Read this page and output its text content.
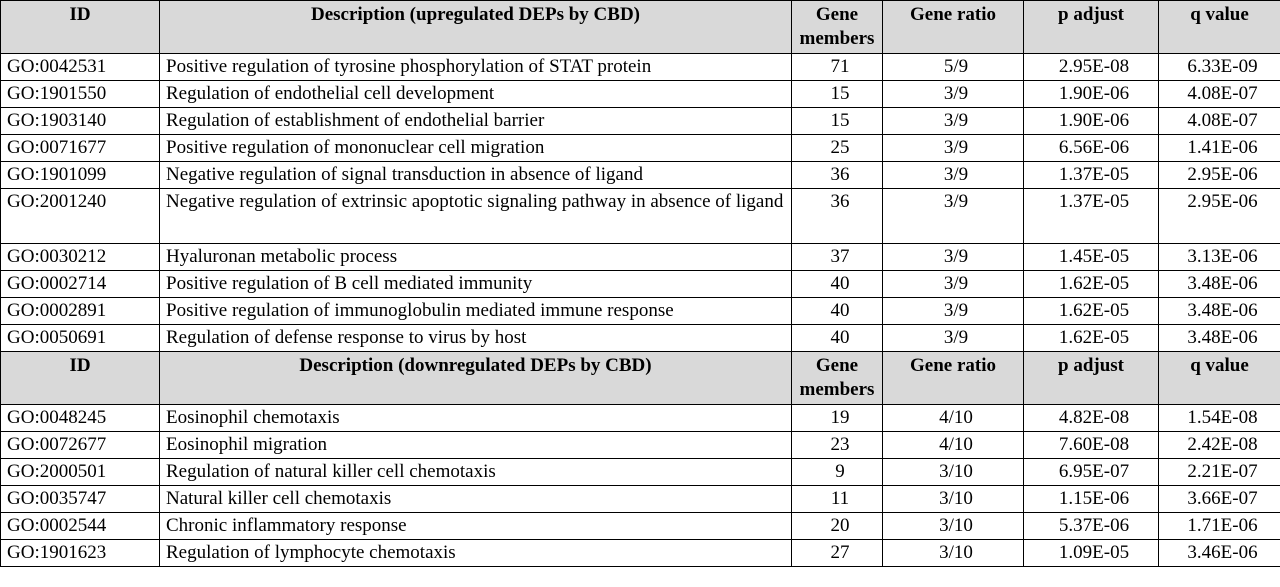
ID	Description (upregulated DEPs by CBD)	Gene members	Gene ratio	p adjust	q value
GO:0042531	Positive regulation of tyrosine phosphorylation of STAT protein	71	5/9	2.95E-08	6.33E-09
GO:1901550	Regulation of endothelial cell development	15	3/9	1.90E-06	4.08E-07
GO:1903140	Regulation of establishment of endothelial barrier	15	3/9	1.90E-06	4.08E-07
GO:0071677	Positive regulation of mononuclear cell migration	25	3/9	6.56E-06	1.41E-06
GO:1901099	Negative regulation of signal transduction in absence of ligand	36	3/9	1.37E-05	2.95E-06
GO:2001240	Negative regulation of extrinsic apoptotic signaling pathway in absence of ligand	36	3/9	1.37E-05	2.95E-06
GO:0030212	Hyaluronan metabolic process	37	3/9	1.45E-05	3.13E-06
GO:0002714	Positive regulation of B cell mediated immunity	40	3/9	1.62E-05	3.48E-06
GO:0002891	Positive regulation of immunoglobulin mediated immune response	40	3/9	1.62E-05	3.48E-06
GO:0050691	Regulation of defense response to virus by host	40	3/9	1.62E-05	3.48E-06
ID	Description (downregulated DEPs by CBD)	Gene members	Gene ratio	p adjust	q value
GO:0048245	Eosinophil chemotaxis	19	4/10	4.82E-08	1.54E-08
GO:0072677	Eosinophil migration	23	4/10	7.60E-08	2.42E-08
GO:2000501	Regulation of natural killer cell chemotaxis	9	3/10	6.95E-07	2.21E-07
GO:0035747	Natural killer cell chemotaxis	11	3/10	1.15E-06	3.66E-07
GO:0002544	Chronic inflammatory response	20	3/10	5.37E-06	1.71E-06
GO:1901623	Regulation of lymphocyte chemotaxis	27	3/10	1.09E-05	3.46E-06
